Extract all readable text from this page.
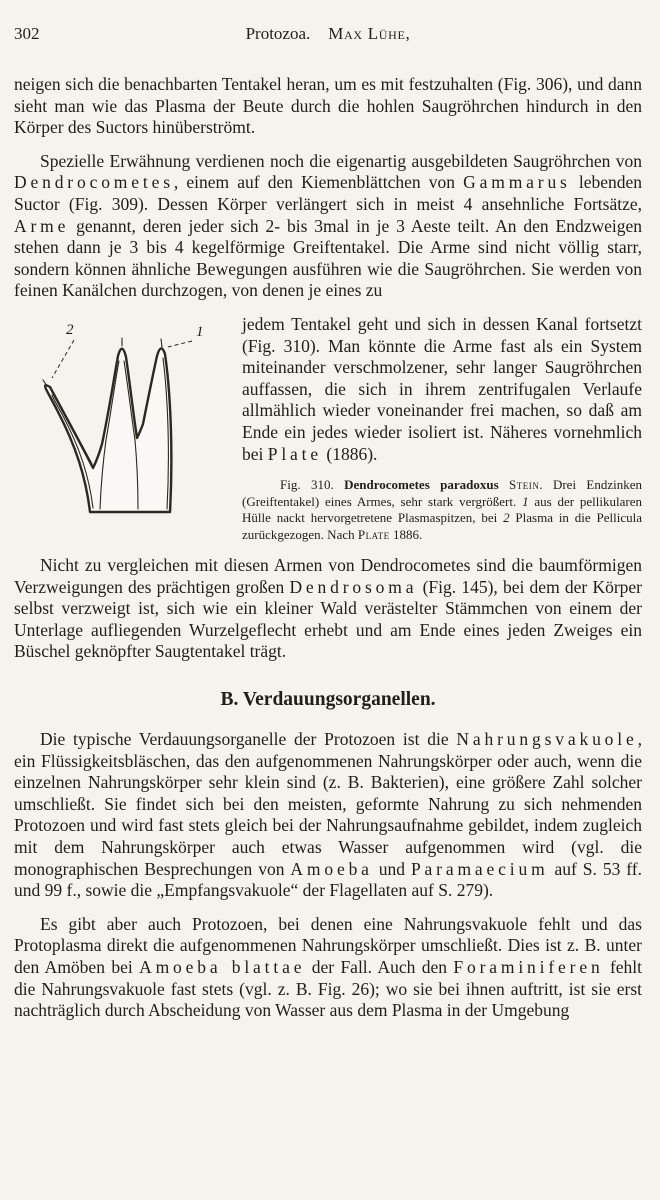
302	Protozoa. Max Lühe,

neigen sich die benachbarten Tentakel heran, um es mit festzuhalten (Fig. 306), und dann sieht man wie das Plasma der Beute durch die hohlen Saugröhrchen hindurch in den Körper des Suctors hinüberströmt.

Spezielle Erwähnung verdienen noch die eigenartig ausgebildeten Saugröhrchen von Dendrocometes, einem auf den Kiemenblättchen von Gammarus lebenden Suctor (Fig. 309). Dessen Körper verlängert sich in meist 4 ansehnliche Fortsätze, Arme genannt, deren jeder sich 2- bis 3mal in je 3 Aeste teilt. An den Endzweigen stehen dann je 3 bis 4 kegelförmige Greiftentakel. Die Arme sind nicht völlig starr, sondern können ähnliche Bewegungen ausführen wie die Saugröhrchen. Sie werden von feinen Kanälchen durchzogen, von denen je eines zu

2	1 jedem Tentakel geht und sich in dessen Kanal fortsetzt (Fig. 310). Man könnte die Arme fast als ein System miteinander verschmolzener, sehr langer Saugröhrchen auffassen, die sich in ihrem zentrifugalen Verlaufe allmählich wieder voneinander frei machen, so daß am Ende ein jedes wieder isoliert ist. Näheres vornehmlich bei Plate (1886).

Fig. 310. Dendrocometes paradoxus Stein. Drei Endzinken (Greiftentakel) eines Armes, sehr stark vergrößert. 1 aus der pellikularen Hülle nackt hervorgetretene Plasmaspitzen, bei 2 Plasma in die Pellicula zurückgezogen. Nach Plate 1886.

Nicht zu vergleichen mit diesen Armen von Dendrocometes sind die baumförmigen Verzweigungen des prächtigen großen Dendrosoma (Fig. 145), bei dem der Körper selbst verzweigt ist, sich wie ein kleiner Wald verästelter Stämmchen von einem der Unterlage aufliegenden Wurzelgeflecht erhebt und am Ende eines jeden Zweiges ein Büschel geknöpfter Saugtentakel trägt.

B. Verdauungsorganellen.

Die typische Verdauungsorganelle der Protozoen ist die Nahrungsvakuole, ein Flüssigkeitsbläschen, das den aufgenommenen Nahrungskörper oder auch, wenn die einzelnen Nahrungskörper sehr klein sind (z. B. Bakterien), eine größere Zahl solcher umschließt. Sie findet sich bei den meisten, geformte Nahrung zu sich nehmenden Protozoen und wird fast stets gleich bei der Nahrungsaufnahme gebildet, indem zugleich mit dem Nahrungskörper auch etwas Wasser aufgenommen wird (vgl. die monographischen Besprechungen von Amoeba und Paramaecium auf S. 53 ff. und 99 f., sowie die „Empfangsvakuole“ der Flagellaten auf S. 279).

Es gibt aber auch Protozoen, bei denen eine Nahrungsvakuole fehlt und das Protoplasma direkt die aufgenommenen Nahrungskörper umschließt. Dies ist z. B. unter den Amöben bei Amoeba blattae der Fall. Auch den Foraminiferen fehlt die Nahrungsvakuole fast stets (vgl. z. B. Fig. 26); wo sie bei ihnen auftritt, ist sie erst nachträglich durch Abscheidung von Wasser aus dem Plasma in der Umgebung
